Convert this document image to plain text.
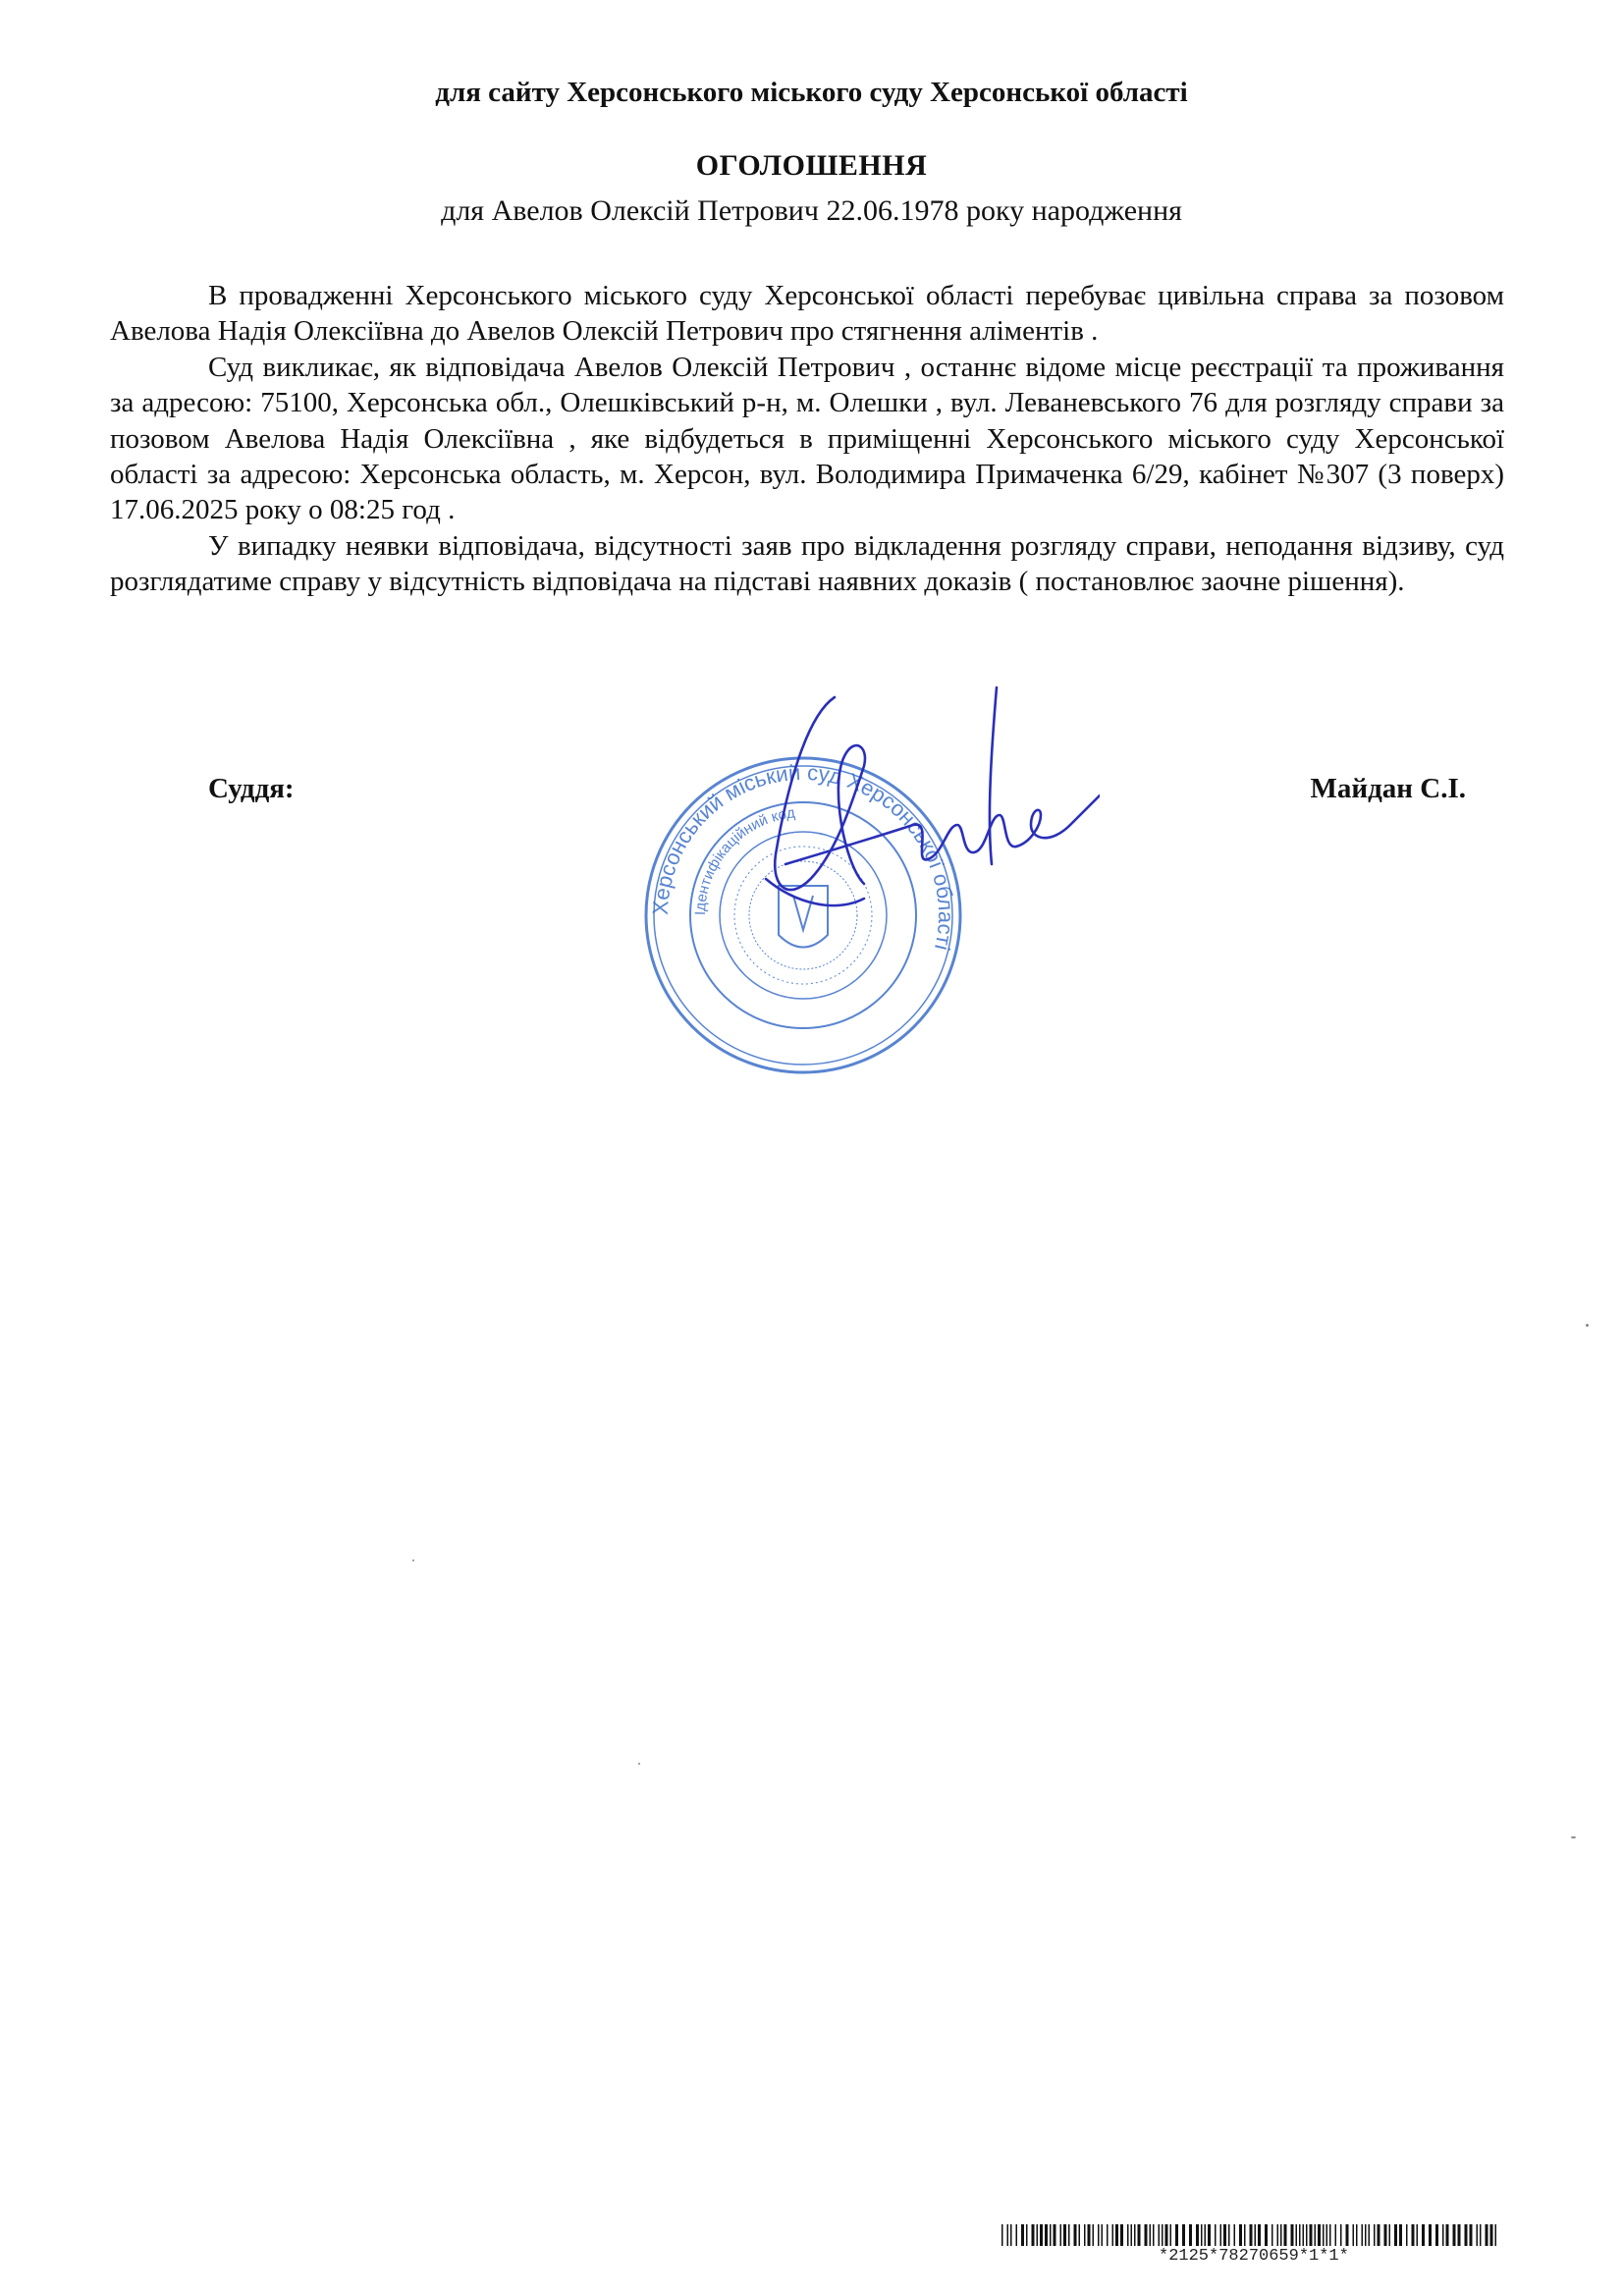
для сайту Херсонського міського суду Херсонської області
ОГОЛОШЕННЯ
для Авелов Олексій Петрович 22.06.1978 року народження

В провадженні Херсонського міського суду Херсонської області перебуває цивільна справа за позовом Авелова Надія Олексіївна до Авелов Олексій Петрович про стягнення аліментів .

Суд викликає, як відповідача Авелов Олексій Петрович , останнє відоме місце реєстрації та проживання за адресою: 75100, Херсонська обл., Олешківський р-н, м. Олешки , вул. Леваневського 76 для розгляду справи за позовом Авелова Надія Олексіївна , яке відбудеться в приміщенні Херсонського міського суду Херсонської області за адресою: Херсонська область, м. Херсон, вул. Володимира Примаченка 6/29, кабінет №307 (3 поверх) 17.06.2025 року о 08:25 год .

У випадку неявки відповідача, відсутності заяв про відкладення розгляду справи, неподання відзиву, суд розглядатиме справу у відсутність відповідача на підставі наявних доказів ( постановлює заочне рішення).

Суддя:	Майдан С.І.
Херсонський міський суд Херсонської області
Ідентифікаційний код
*2125*78270659*1*1*
